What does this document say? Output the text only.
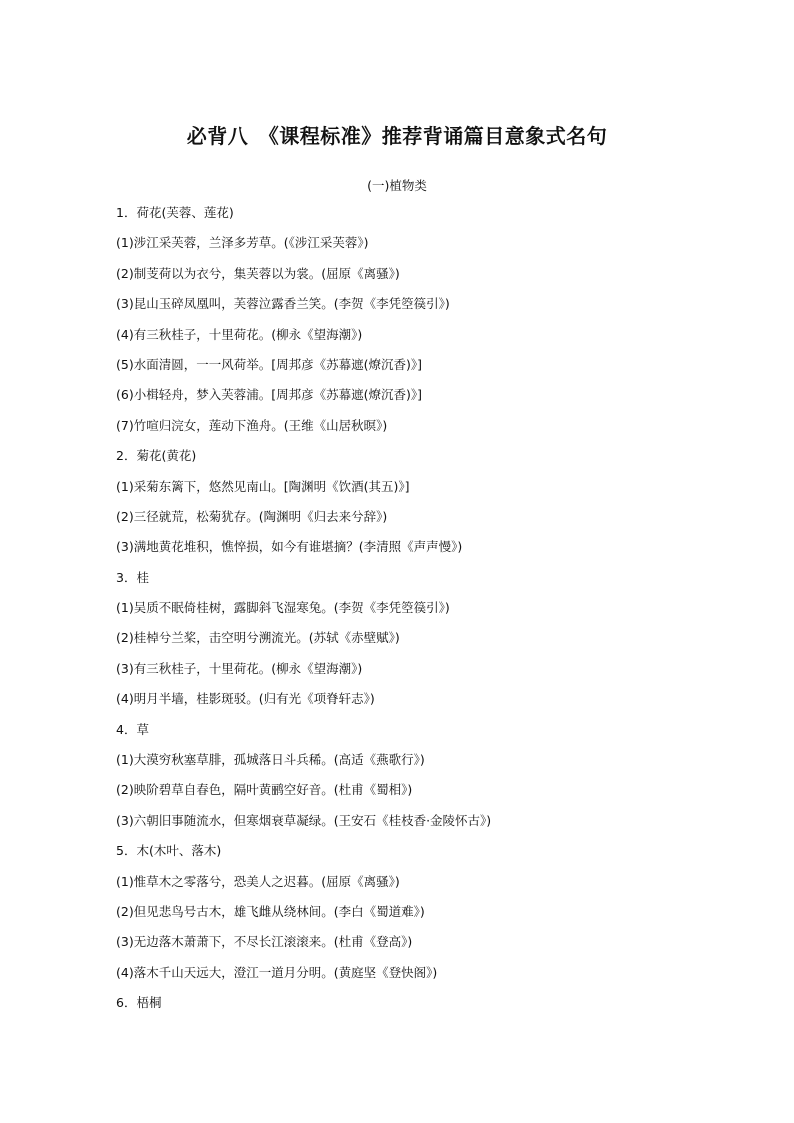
必背八　《课程标准》推荐背诵篇目意象式名句
(一)植物类
1．荷花(芙蓉、莲花)
(1)涉江采芙蓉，兰泽多芳草。(《涉江采芙蓉》)
(2)制芰荷以为衣兮，集芙蓉以为裳。(屈原《离骚》)
(3)昆山玉碎凤凰叫，芙蓉泣露香兰笑。(李贺《李凭箜篌引》)
(4)有三秋桂子，十里荷花。(柳永《望海潮》)
(5)水面清圆，一一风荷举。[周邦彦《苏幕遮(燎沉香)》]
(6)小楫轻舟，梦入芙蓉浦。[周邦彦《苏幕遮(燎沉香)》]
(7)竹喧归浣女，莲动下渔舟。(王维《山居秋暝》)
2．菊花(黄花)
(1)采菊东篱下，悠然见南山。[陶渊明《饮酒(其五)》]
(2)三径就荒，松菊犹存。(陶渊明《归去来兮辞》)
(3)满地黄花堆积，憔悴损，如今有谁堪摘？(李清照《声声慢》)
3．桂
(1)吴质不眠倚桂树，露脚斜飞湿寒兔。(李贺《李凭箜篌引》)
(2)桂棹兮兰桨，击空明兮溯流光。(苏轼《赤壁赋》)
(3)有三秋桂子，十里荷花。(柳永《望海潮》)
(4)明月半墙，桂影斑驳。(归有光《项脊轩志》)
4．草
(1)大漠穷秋塞草腓，孤城落日斗兵稀。(高适《燕歌行》)
(2)映阶碧草自春色，隔叶黄鹂空好音。(杜甫《蜀相》)
(3)六朝旧事随流水，但寒烟衰草凝绿。(王安石《桂枝香·金陵怀古》)
5．木(木叶、落木)
(1)惟草木之零落兮，恐美人之迟暮。(屈原《离骚》)
(2)但见悲鸟号古木，雄飞雌从绕林间。(李白《蜀道难》)
(3)无边落木萧萧下，不尽长江滚滚来。(杜甫《登高》)
(4)落木千山天远大，澄江一道月分明。(黄庭坚《登快阁》)
6．梧桐
